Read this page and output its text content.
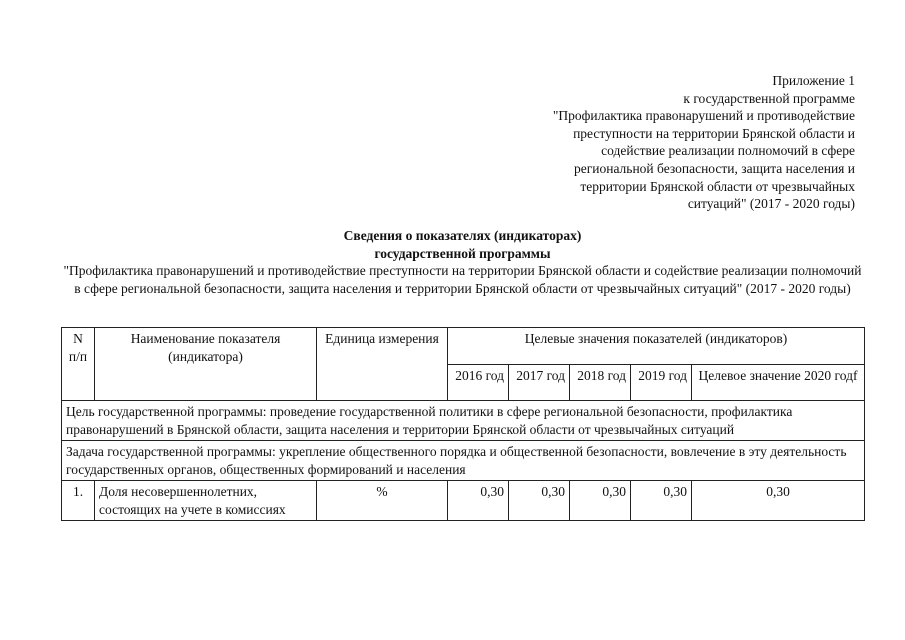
Приложение 1
к государственной программе
"Профилактика правонарушений и противодействие
преступности на территории Брянской области и
содействие реализации полномочий в сфере
региональной безопасности, защита населения и
территории Брянской области от чрезвычайных
ситуаций" (2017 - 2020 годы)
Сведения о показателях (индикаторах)
государственной программы
"Профилактика правонарушений и противодействие преступности на территории Брянской области и содействие реализации полномочий в сфере региональной безопасности, защита населения и территории Брянской области от чрезвычайных ситуаций" (2017 - 2020 годы)
N п/п	Наименование показателя (индикатора)	Единица измерения	Целевые значения показателей (индикаторов)				
			2016 год	2017 год	2018 год	2019 год	Целевое значение 2020 годf
Цель государственной программы: проведение государственной политики в сфере региональной безопасности, профилактика правонарушений в Брянской области, защита населения и территории Брянской области от чрезвычайных ситуаций							
Задача государственной программы: укрепление общественного порядка и общественной безопасности, вовлечение в эту деятельность государственных органов, общественных формирований и населения							
1.	Доля несовершеннолетних, состоящих на учете в комиссиях	%	0,30	0,30	0,30	0,30	0,30
